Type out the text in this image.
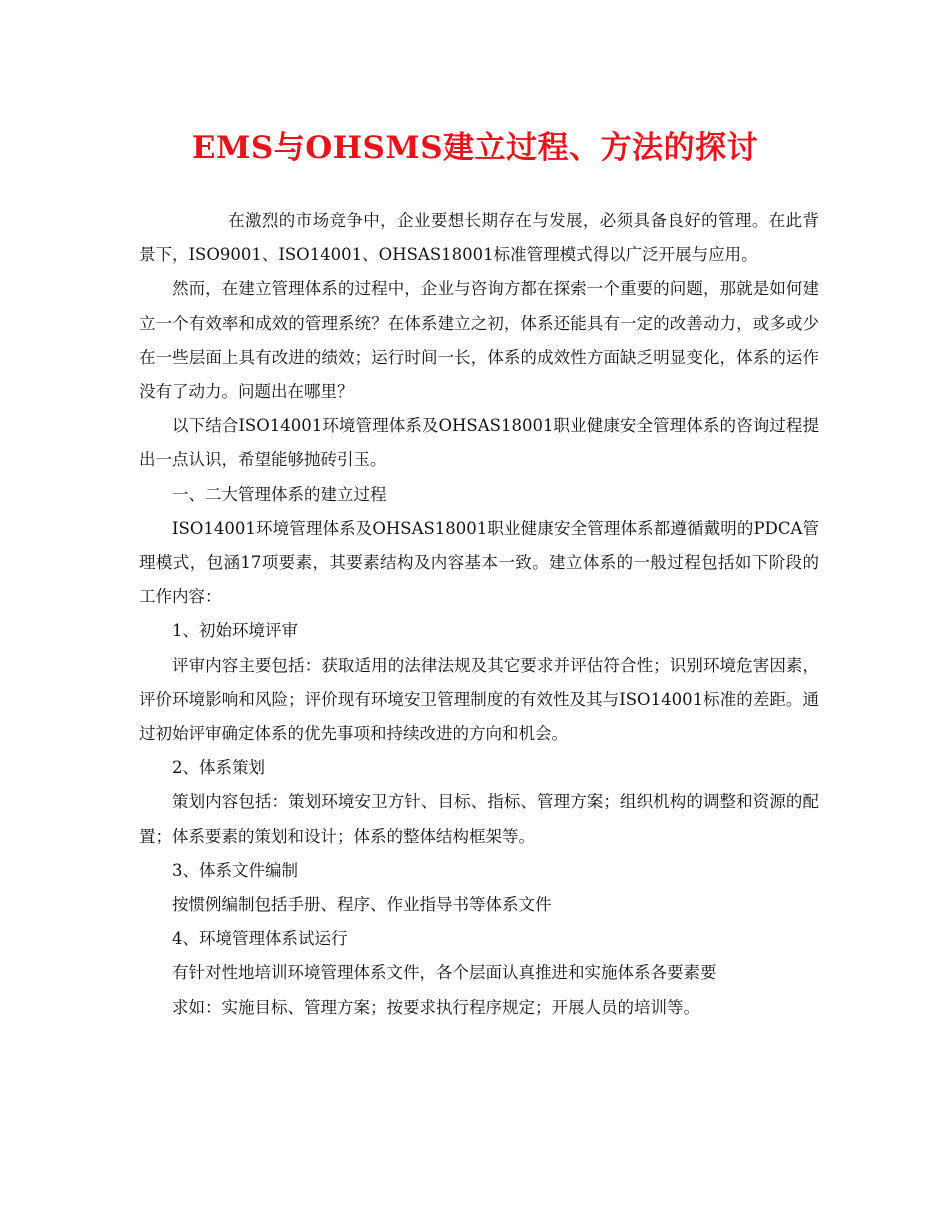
EMS与OHSMS建立过程、方法的探讨

在激烈的市场竞争中，企业要想长期存在与发展，必须具备良好的管理。在此背景下，ISO9001、ISO14001、OHSAS18001标准管理模式得以广泛开展与应用。

然而，在建立管理体系的过程中，企业与咨询方都在探索一个重要的问题，那就是如何建立一个有效率和成效的管理系统？在体系建立之初，体系还能具有一定的改善动力，或多或少在一些层面上具有改进的绩效；运行时间一长，体系的成效性方面缺乏明显变化，体系的运作没有了动力。问题出在哪里？

以下结合ISO14001环境管理体系及OHSAS18001职业健康安全管理体系的咨询过程提出一点认识，希望能够抛砖引玉。

一、二大管理体系的建立过程

ISO14001环境管理体系及OHSAS18001职业健康安全管理体系都遵循戴明的PDCA管理模式，包涵17项要素，其要素结构及内容基本一致。建立体系的一般过程包括如下阶段的工作内容：

1、初始环境评审

评审内容主要包括：获取适用的法律法规及其它要求并评估符合性；识别环境危害因素，评价环境影响和风险；评价现有环境安卫管理制度的有效性及其与ISO14001标准的差距。通过初始评审确定体系的优先事项和持续改进的方向和机会。

2、体系策划

策划内容包括：策划环境安卫方针、目标、指标、管理方案；组织机构的调整和资源的配置；体系要素的策划和设计；体系的整体结构框架等。

3、体系文件编制

按惯例编制包括手册、程序、作业指导书等体系文件

4、环境管理体系试运行

有针对性地培训环境管理体系文件，各个层面认真推进和实施体系各要素要

求如：实施目标、管理方案；按要求执行程序规定；开展人员的培训等。
